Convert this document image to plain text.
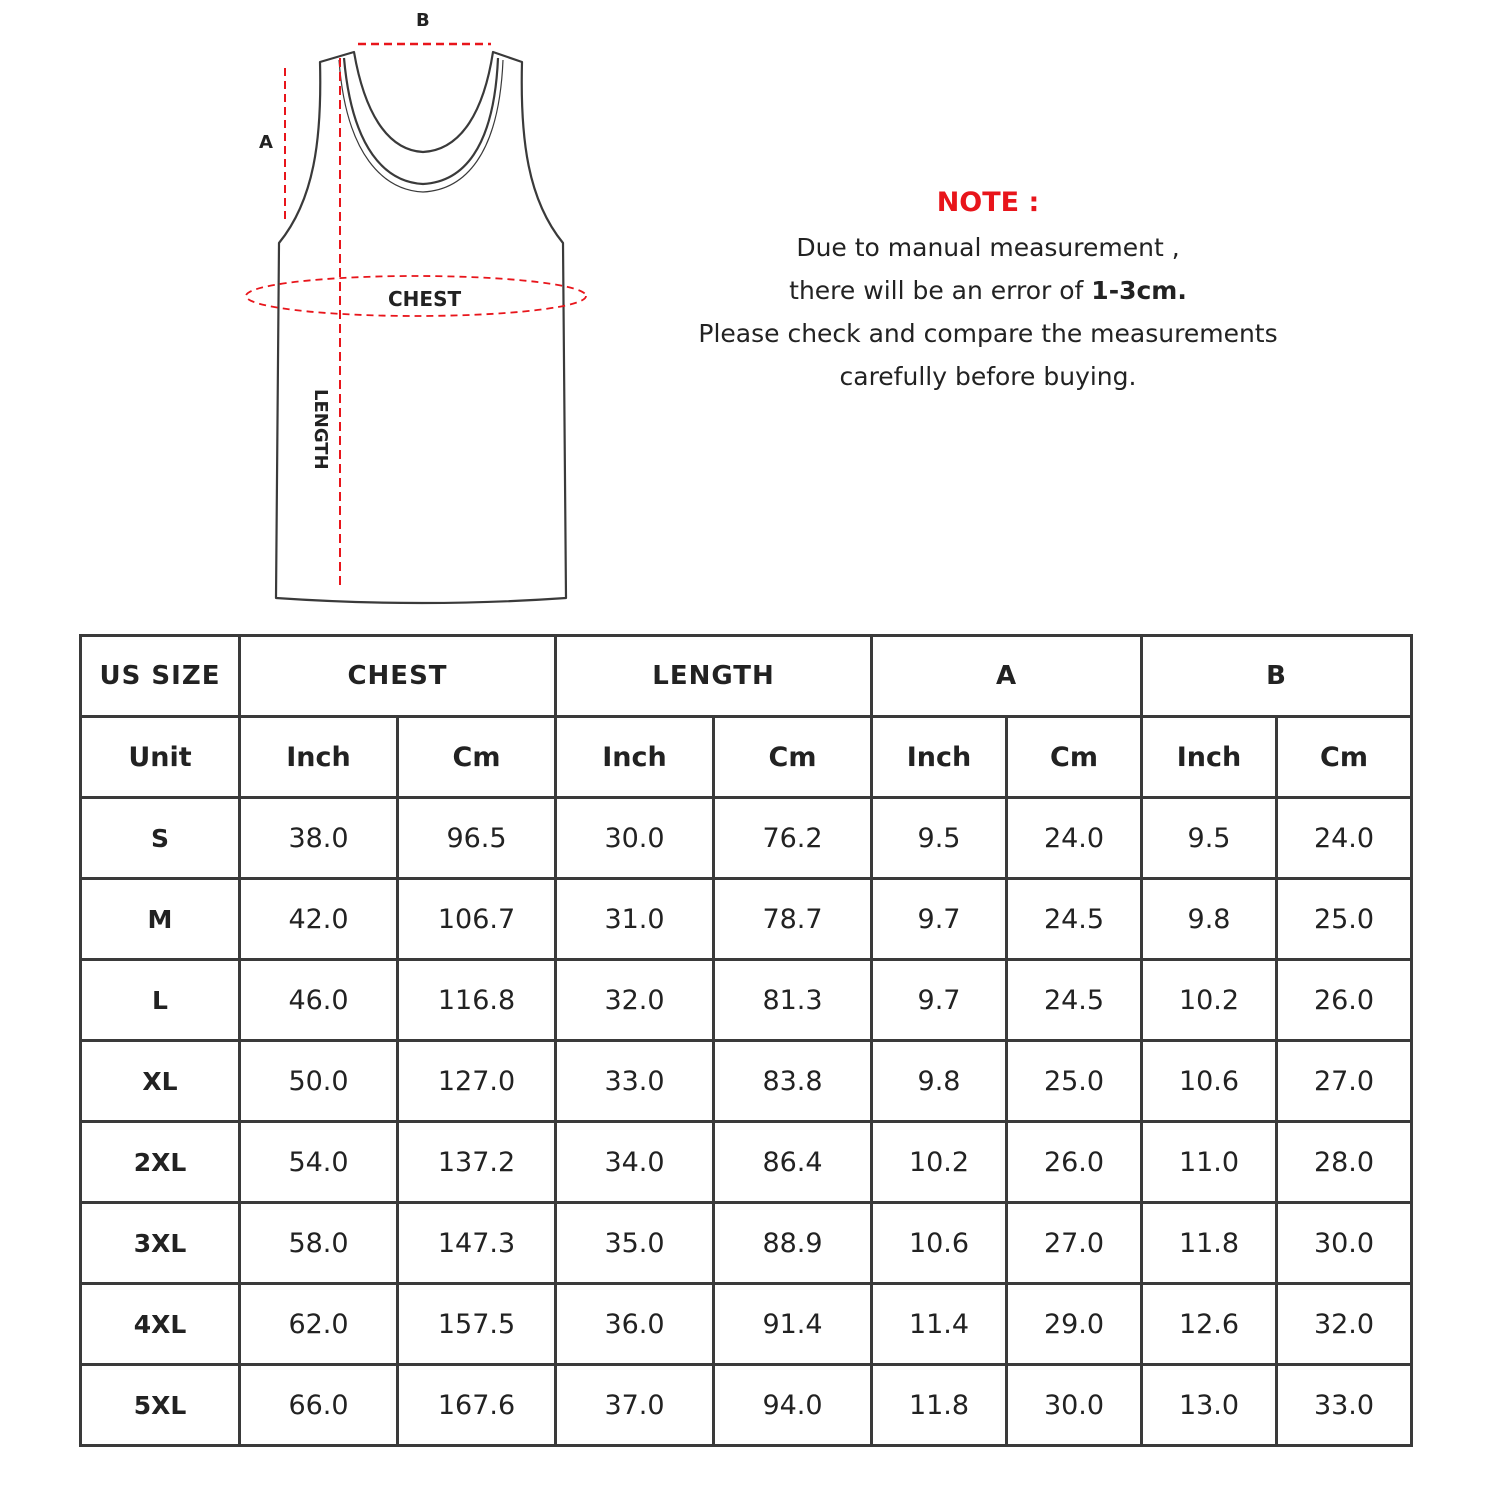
B
A
CHEST
LENGTH
NOTE :
Due to manual measurement ,
there will be an error of 1-3cm.
Please check and compare the measurements
carefully before buying.
US SIZE	CHEST		LENGTH		A		B	
Unit	Inch	Cm	Inch	Cm	Inch	Cm	Inch	Cm
S	38.0	96.5	30.0	76.2	9.5	24.0	9.5	24.0
M	42.0	106.7	31.0	78.7	9.7	24.5	9.8	25.0
L	46.0	116.8	32.0	81.3	9.7	24.5	10.2	26.0
XL	50.0	127.0	33.0	83.8	9.8	25.0	10.6	27.0
2XL	54.0	137.2	34.0	86.4	10.2	26.0	11.0	28.0
3XL	58.0	147.3	35.0	88.9	10.6	27.0	11.8	30.0
4XL	62.0	157.5	36.0	91.4	11.4	29.0	12.6	32.0
5XL	66.0	167.6	37.0	94.0	11.8	30.0	13.0	33.0
